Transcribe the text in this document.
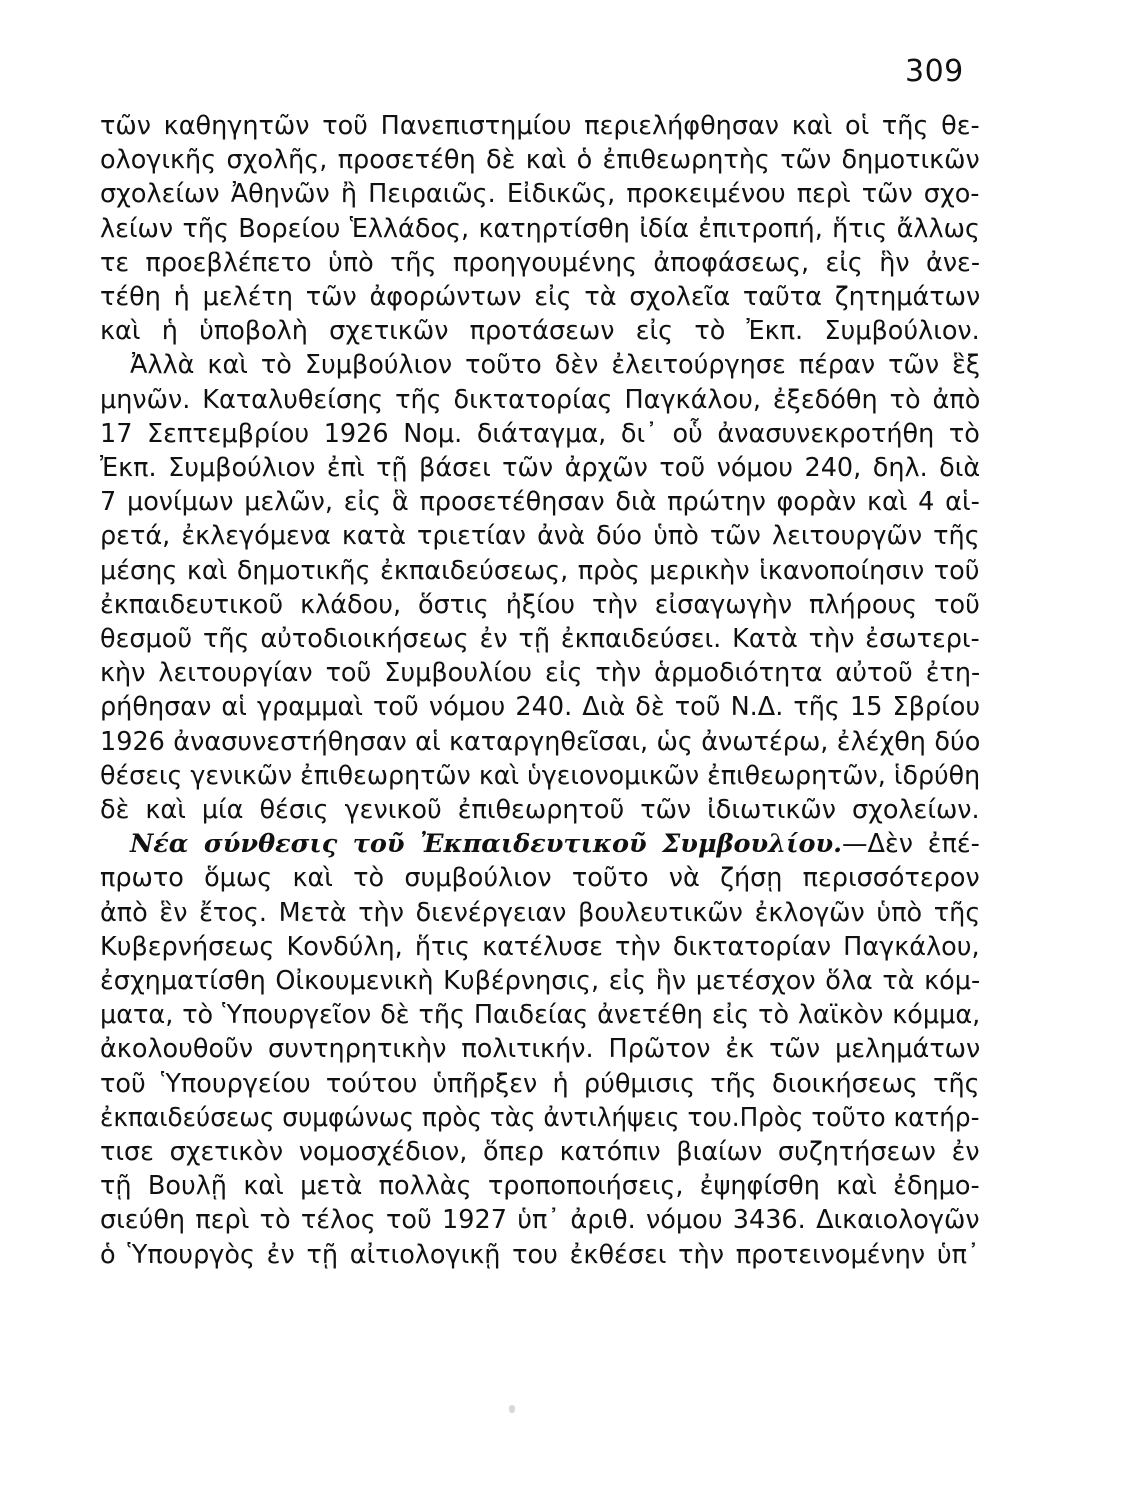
309
τῶν καθηγητῶν τοῦ Πανεπιστημίου περιελήφθησαν καὶ οἱ τῆς θε-
ολογικῆς σχολῆς, προσετέθη δὲ καὶ ὁ ἐπιθεωρητὴς τῶν δημοτικῶν
σχολείων Ἀθηνῶν ἢ Πειραιῶς. Εἰδικῶς, προκειμένου περὶ τῶν σχο-
λείων τῆς Βορείου Ἑλλάδος, κατηρτίσθη ἰδία ἐπιτροπή, ἥτις ἄλλως
τε προεβλέπετο ὑπὸ τῆς προηγουμένης ἀποφάσεως, εἰς ἣν ἀνε-
τέθη ἡ μελέτη τῶν ἀφορώντων εἰς τὰ σχολεῖα ταῦτα ζητημάτων
καὶ ἡ ὑποβολὴ σχετικῶν προτάσεων εἰς τὸ Ἐκπ. Συμβούλιον.
Ἀλλὰ καὶ τὸ Συμβούλιον τοῦτο δὲν ἐλειτούργησε πέραν τῶν ἓξ
μηνῶν. Καταλυθείσης τῆς δικτατορίας Παγκάλου, ἐξεδόθη τὸ ἀπὸ
17 Σεπτεμβρίου 1926 Νομ. διάταγμα, δι᾽ οὗ ἀνασυνεκροτήθη τὸ
Ἐκπ. Συμβούλιον ἐπὶ τῇ βάσει τῶν ἀρχῶν τοῦ νόμου 240, δηλ. διὰ
7 μονίμων μελῶν, εἰς ἃ προσετέθησαν διὰ πρώτην φορὰν καὶ 4 αἱ-
ρετά, ἐκλεγόμενα κατὰ τριετίαν ἀνὰ δύο ὑπὸ τῶν λειτουργῶν τῆς
μέσης καὶ δημοτικῆς ἐκπαιδεύσεως, πρὸς μερικὴν ἱκανοποίησιν τοῦ
ἐκπαιδευτικοῦ κλάδου, ὅστις ἠξίου τὴν εἰσαγωγὴν πλήρους τοῦ
θεσμοῦ τῆς αὐτοδιοικήσεως ἐν τῇ ἐκπαιδεύσει. Κατὰ τὴν ἐσωτερι-
κὴν λειτουργίαν τοῦ Συμβουλίου εἰς τὴν ἁρμοδιότητα αὐτοῦ ἐτη-
ρήθησαν αἱ γραμμαὶ τοῦ νόμου 240. Διὰ δὲ τοῦ Ν.Δ. τῆς 15 Σβρίου
1926 ἀνασυνεστήθησαν αἱ καταργηθεῖσαι, ὡς ἀνωτέρω, ἐλέχθη δύο
θέσεις γενικῶν ἐπιθεωρητῶν καὶ ὑγειονομικῶν ἐπιθεωρητῶν, ἱδρύθη
δὲ καὶ μία θέσις γενικοῦ ἐπιθεωρητοῦ τῶν ἰδιωτικῶν σχολείων.
Νέα σύνθεσις τοῦ Ἐκπαιδευτικοῦ Συμβουλίου.—Δὲν ἐπέ-
πρωτο ὅμως καὶ τὸ συμβούλιον τοῦτο νὰ ζήσῃ περισσότερον
ἀπὸ ἓν ἔτος. Μετὰ τὴν διενέργειαν βουλευτικῶν ἐκλογῶν ὑπὸ τῆς
Κυβερνήσεως Κονδύλη, ἥτις κατέλυσε τὴν δικτατορίαν Παγκάλου,
ἐσχηματίσθη Οἰκουμενικὴ Κυβέρνησις, εἰς ἣν μετέσχον ὅλα τὰ κόμ-
ματα, τὸ Ὑπουργεῖον δὲ τῆς Παιδείας ἀνετέθη εἰς τὸ λαϊκὸν κόμμα,
ἀκολουθοῦν συντηρητικὴν πολιτικήν. Πρῶτον ἐκ τῶν μελημάτων
τοῦ Ὑπουργείου τούτου ὑπῆρξεν ἡ ρύθμισις τῆς διοικήσεως τῆς
ἐκπαιδεύσεως συμφώνως πρὸς τὰς ἀντιλήψεις του.Πρὸς τοῦτο κατήρ-
τισε σχετικὸν νομοσχέδιον, ὅπερ κατόπιν βιαίων συζητήσεων ἐν
τῇ Βουλῇ καὶ μετὰ πολλὰς τροποποιήσεις, ἐψηφίσθη καὶ ἐδημο-
σιεύθη περὶ τὸ τέλος τοῦ 1927 ὑπ᾽ ἀριθ. νόμου 3436. Δικαιολογῶν
ὁ Ὑπουργὸς ἐν τῇ αἰτιολογικῇ του ἐκθέσει τὴν προτεινομένην ὑπ᾽
